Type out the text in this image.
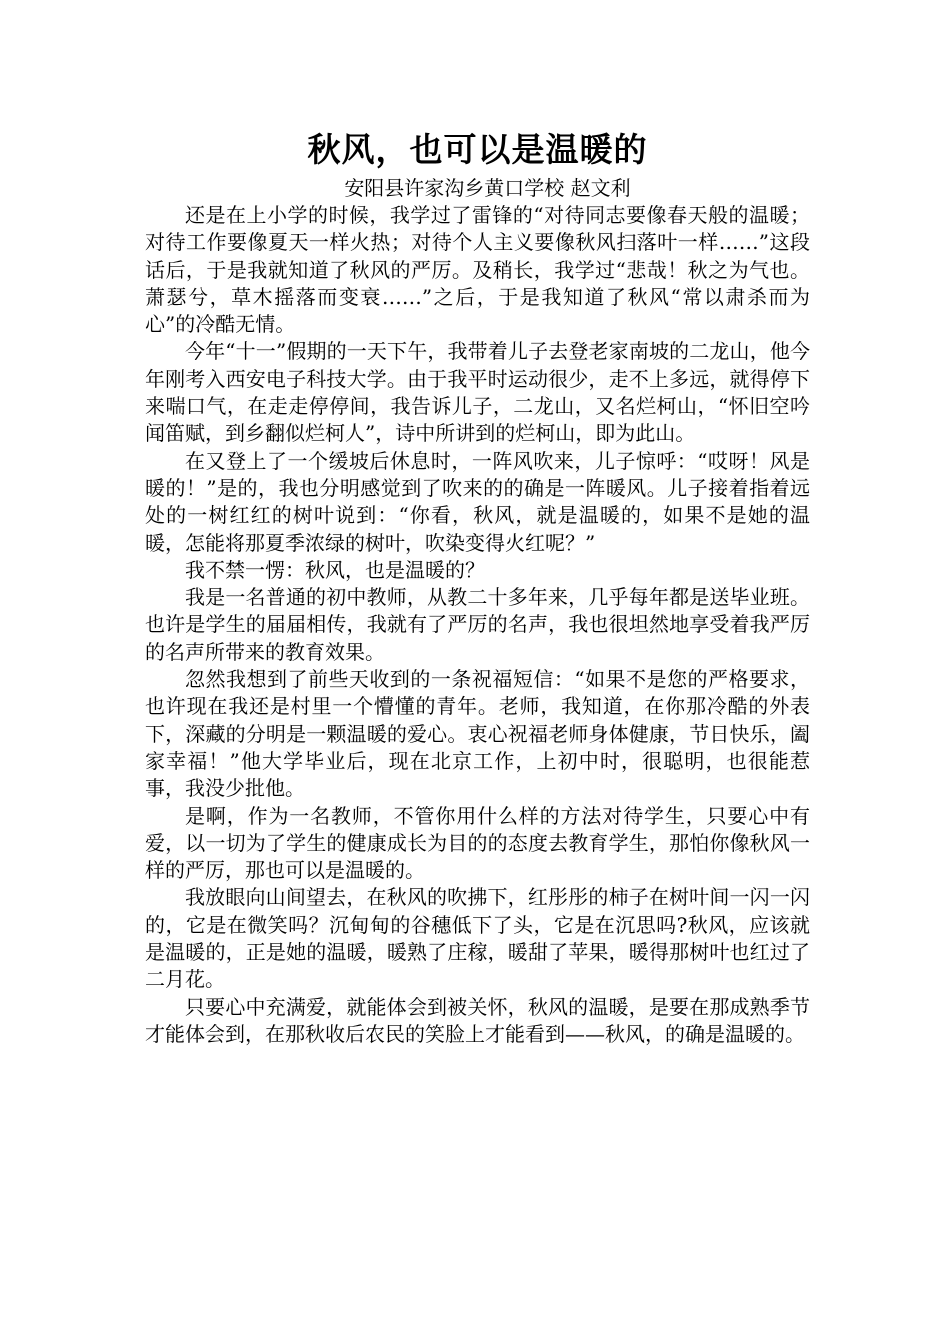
秋风，也可以是温暖的

安阳县许家沟乡黄口学校 赵文利

还是在上小学的时候，我学过了雷锋的“对待同志要像春天般的温暖；对待工作要像夏天一样火热；对待个人主义要像秋风扫落叶一样……”这段话后，于是我就知道了秋风的严厉。及稍长，我学过“悲哉！秋之为气也。萧瑟兮，草木摇落而变衰……”之后，于是我知道了秋风“常以肃杀而为心”的冷酷无情。

今年“十一”假期的一天下午，我带着儿子去登老家南坡的二龙山，他今年刚考入西安电子科技大学。由于我平时运动很少，走不上多远，就得停下来喘口气，在走走停停间，我告诉儿子，二龙山，又名烂柯山，“怀旧空吟闻笛赋，到乡翻似烂柯人”，诗中所讲到的烂柯山，即为此山。

在又登上了一个缓坡后休息时，一阵风吹来，儿子惊呼：“哎呀！风是暖的！”是的，我也分明感觉到了吹来的的确是一阵暖风。儿子接着指着远处的一树红红的树叶说到：“你看，秋风，就是温暖的，如果不是她的温暖，怎能将那夏季浓绿的树叶，吹染变得火红呢？”

我不禁一愣：秋风，也是温暖的？

我是一名普通的初中教师，从教二十多年来，几乎每年都是送毕业班。也许是学生的届届相传，我就有了严厉的名声，我也很坦然地享受着我严厉的名声所带来的教育效果。

忽然我想到了前些天收到的一条祝福短信：“如果不是您的严格要求，也许现在我还是村里一个懵懂的青年。老师，我知道，在你那冷酷的外表下，深藏的分明是一颗温暖的爱心。衷心祝福老师身体健康，节日快乐，阖家幸福！”他大学毕业后，现在北京工作，上初中时，很聪明，也很能惹事，我没少批他。

是啊，作为一名教师，不管你用什么样的方法对待学生，只要心中有爱，以一切为了学生的健康成长为目的的态度去教育学生，那怕你像秋风一样的严厉，那也可以是温暖的。

我放眼向山间望去，在秋风的吹拂下，红彤彤的柿子在树叶间一闪一闪的，它是在微笑吗？沉甸甸的谷穗低下了头，它是在沉思吗?秋风，应该就是温暖的，正是她的温暖，暖熟了庄稼，暖甜了苹果，暖得那树叶也红过了二月花。

只要心中充满爱，就能体会到被关怀，秋风的温暖，是要在那成熟季节才能体会到，在那秋收后农民的笑脸上才能看到——秋风，的确是温暖的。
